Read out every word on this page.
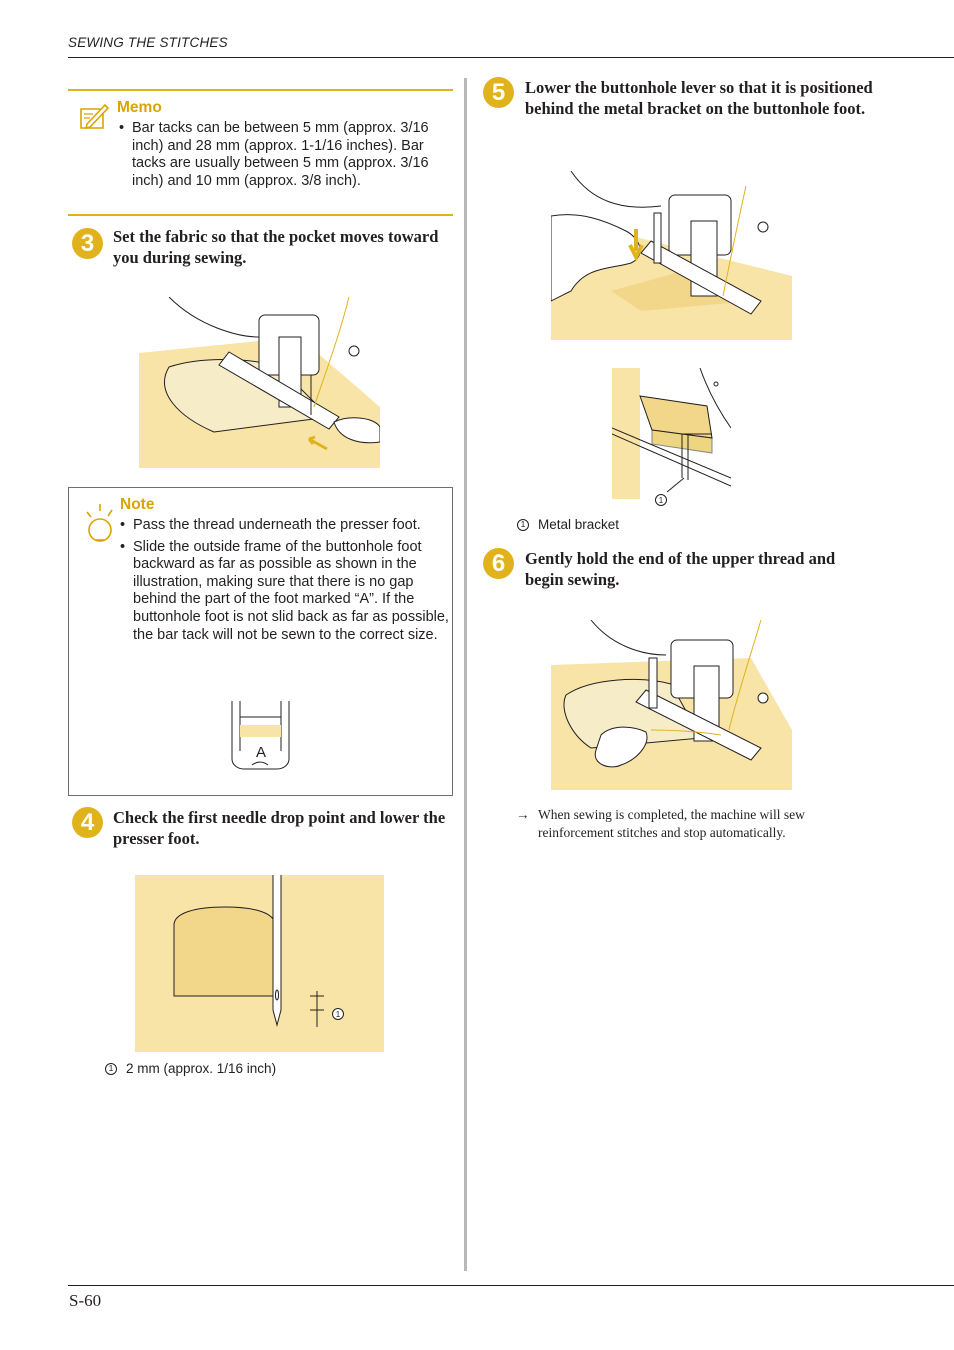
SEWING THE STITCHES
Memo
• Bar tacks can be between 5 mm (approx. 3/16 inch) and 28 mm (approx. 1-1/16 inches). Bar tacks are usually between 5 mm (approx. 3/16 inch) and 10 mm (approx. 3/8 inch).
3	Set the fabric so that the pocket moves toward you during sewing.
Note
• Pass the thread underneath the presser foot.
• Slide the outside frame of the buttonhole foot backward as far as possible as shown in the illustration, making sure that there is no gap behind the part of the foot marked “A”. If the buttonhole foot is not slid back as far as possible, the bar tack will not be sewn to the correct size.
A
4	Check the first needle drop point and lower the presser foot.
1
1 2 mm (approx. 1/16 inch)
5	Lower the buttonhole lever so that it is positioned behind the metal bracket on the buttonhole foot.
1
1 Metal bracket
6	Gently hold the end of the upper thread and begin sewing.
→ When sewing is completed, the machine will sew reinforcement stitches and stop automatically.
S-60
